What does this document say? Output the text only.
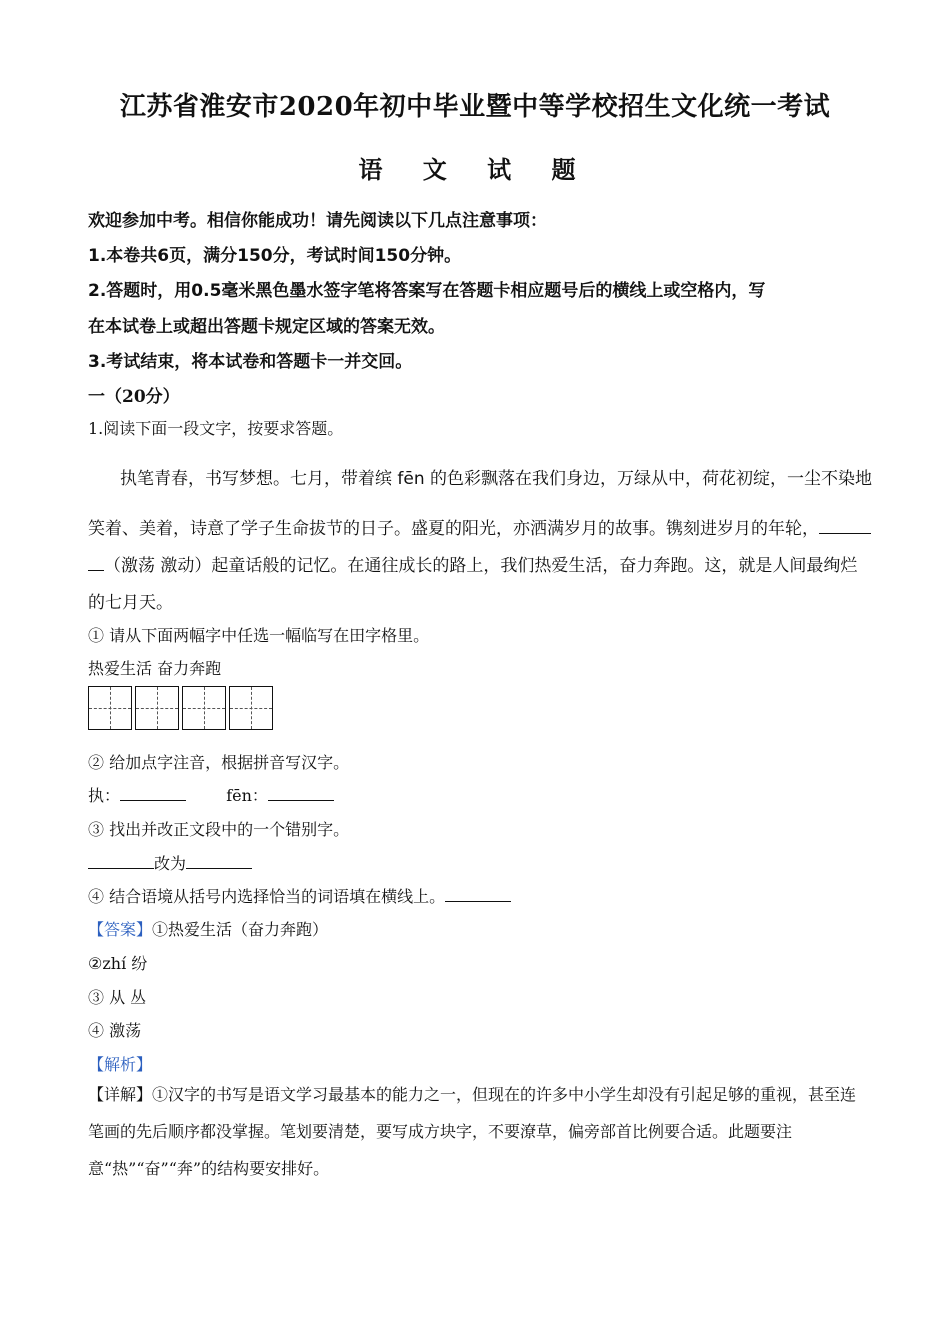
江苏省淮安市2020年初中毕业暨中等学校招生文化统一考试
语 文 试 题
欢迎参加中考。相信你能成功！请先阅读以下几点注意事项：
1.本卷共6页，满分150分，考试时间150分钟。
2.答题时，用0.5毫米黑色墨水签字笔将答案写在答题卡相应题号后的横线上或空格内，写
在本试卷上或超出答题卡规定区域的答案无效。
3.考试结束，将本试卷和答题卡一并交回。
一（20分）
1.阅读下面一段文字，按要求答题。
执笔青春，书写梦想。七月，带着缤 fēn 的色彩飘落在我们身边，万绿从中，荷花初绽，一尘不染地
笑着、美着，诗意了学子生命拔节的日子。盛夏的阳光，亦洒满岁月的故事。镌刻进岁月的年轮，
（激荡 激动）起童话般的记忆。在通往成长的路上，我们热爱生活，奋力奔跑。这，就是人间最绚烂
的七月天。
① 请从下面两幅字中任选一幅临写在田字格里。
热爱生活 奋力奔跑
② 给加点字注音，根据拼音写汉字。
执：	fēn：
③ 找出并改正文段中的一个错别字。
改为
④ 结合语境从括号内选择恰当的词语填在横线上。
【答案】①热爱生活（奋力奔跑）
②zhí 纷
③ 从 丛
④ 激荡
【解析】
【详解】①汉字的书写是语文学习最基本的能力之一，但现在的许多中小学生却没有引起足够的重视，甚至连笔画的先后顺序都没掌握。笔划要清楚，要写成方块字，不要潦草，偏旁部首比例要合适。此题要注意“热”“奋”“奔”的结构要安排好。
